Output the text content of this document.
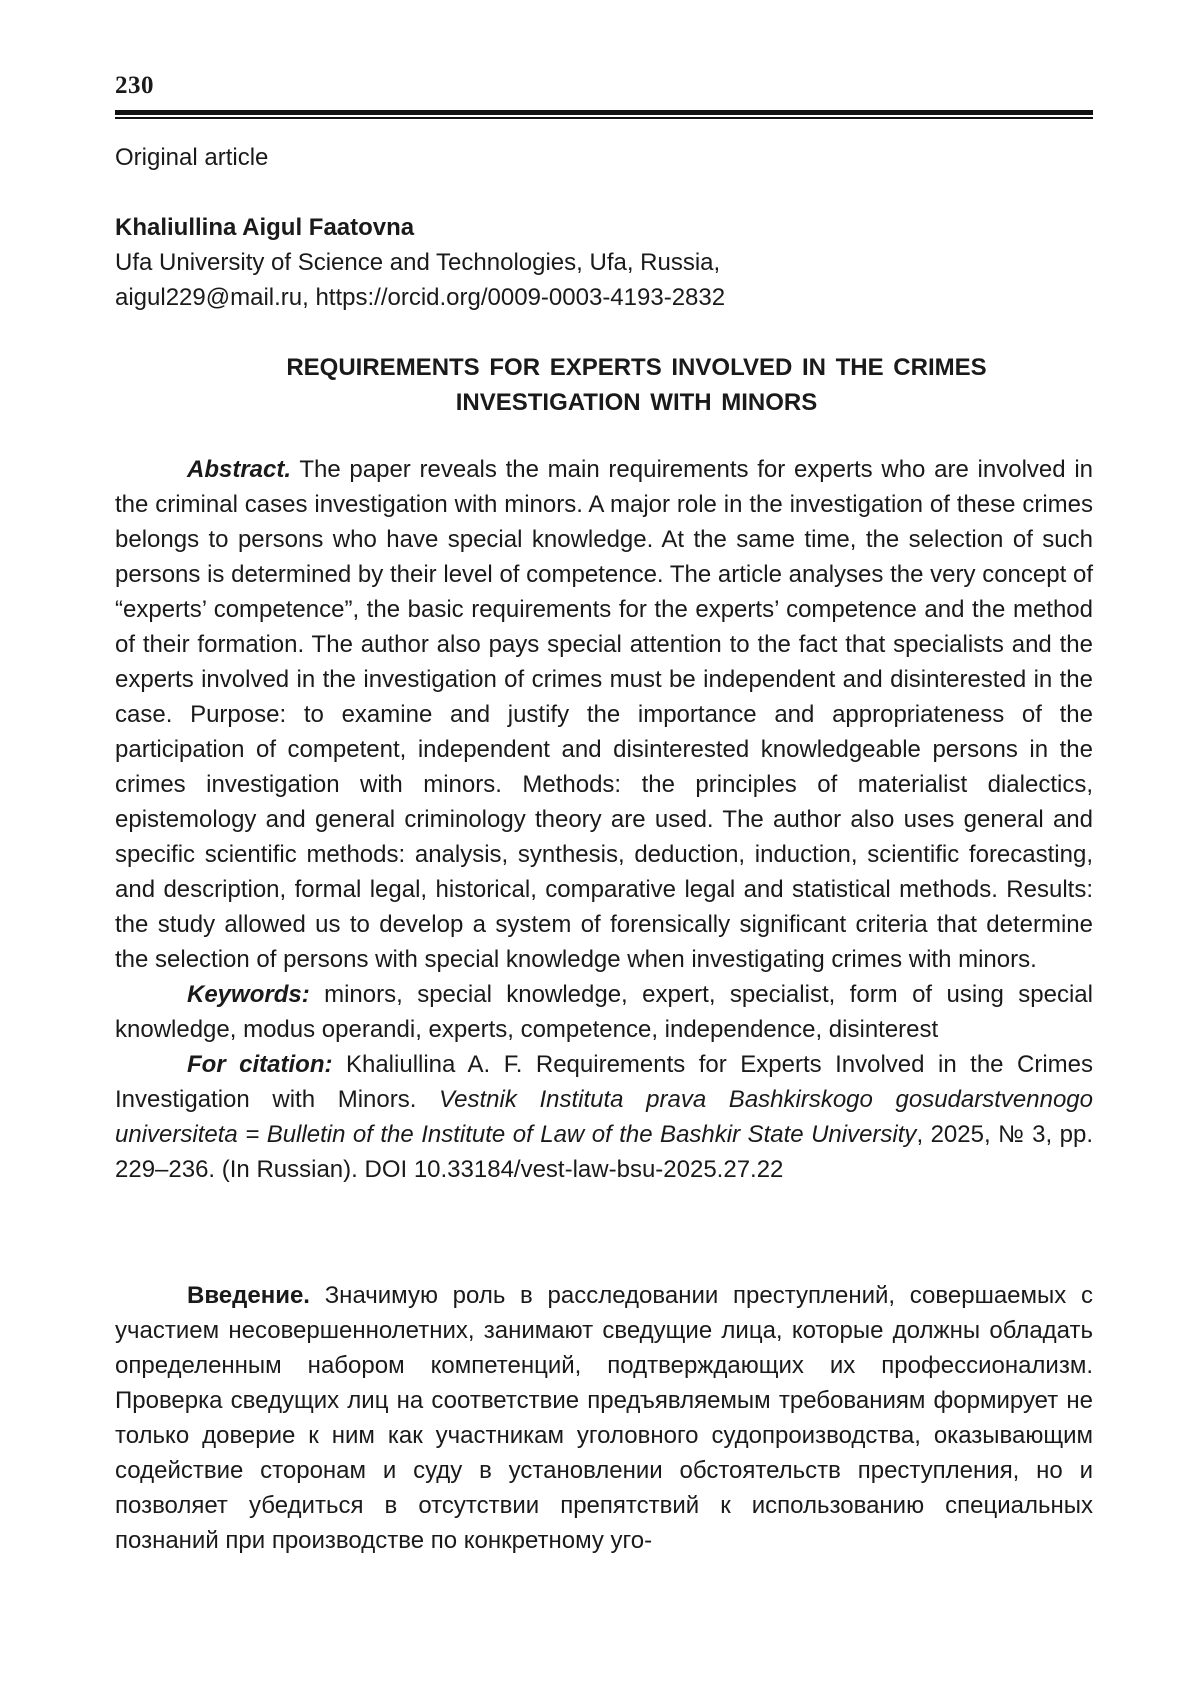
230
Original article
Khaliullina Aigul Faatovna
Ufa University of Science and Technologies, Ufa, Russia,
aigul229@mail.ru, https://orcid.org/0009-0003-4193-2832
REQUIREMENTS FOR EXPERTS INVOLVED IN THE CRIMES
INVESTIGATION WITH MINORS

Abstract. The paper reveals the main requirements for experts who are involved in the criminal cases investigation with minors. A major role in the investigation of these crimes belongs to persons who have special knowledge. At the same time, the selection of such persons is determined by their level of competence. The article analyses the very concept of “experts’ competence”, the basic requirements for the experts’ competence and the method of their formation. The author also pays special attention to the fact that specialists and the experts involved in the investigation of crimes must be independent and disinterested in the case. Purpose: to examine and justify the importance and appropriateness of the participation of competent, independent and disinterested knowledgeable persons in the crimes investigation with minors. Methods: the principles of materialist dialectics, epistemology and general criminology theory are used. The author also uses general and specific scientific methods: analysis, synthesis, deduction, induction, scientific forecasting, and description, formal legal, historical, comparative legal and statistical methods. Results: the study allowed us to develop a system of forensically significant criteria that determine the selection of persons with special knowledge when investigating crimes with minors.

Keywords: minors, special knowledge, expert, specialist, form of using special knowledge, modus operandi, experts, competence, independence, disinterest

For citation: Khaliullina A. F. Requirements for Experts Involved in the Crimes Investigation with Minors. Vestnik Instituta prava Bashkirskogo gosudarstvennogo universiteta = Bulletin of the Institute of Law of the Bashkir State University, 2025, № 3, pp. 229–236. (In Russian). DOI 10.33184/vest-law-bsu-2025.27.22

Введение. Значимую роль в расследовании преступлений, совершаемых с участием несовершеннолетних, занимают сведущие лица, которые должны обладать определенным набором компетенций, подтверждающих их профессионализм. Проверка сведущих лиц на соответствие предъявляемым требованиям формирует не только доверие к ним как участникам уголовного судопроизводства, оказывающим содействие сторонам и суду в установлении обстоятельств преступления, но и позволяет убедиться в отсутствии препятствий к использованию специальных познаний при производстве по конкретному уго-
